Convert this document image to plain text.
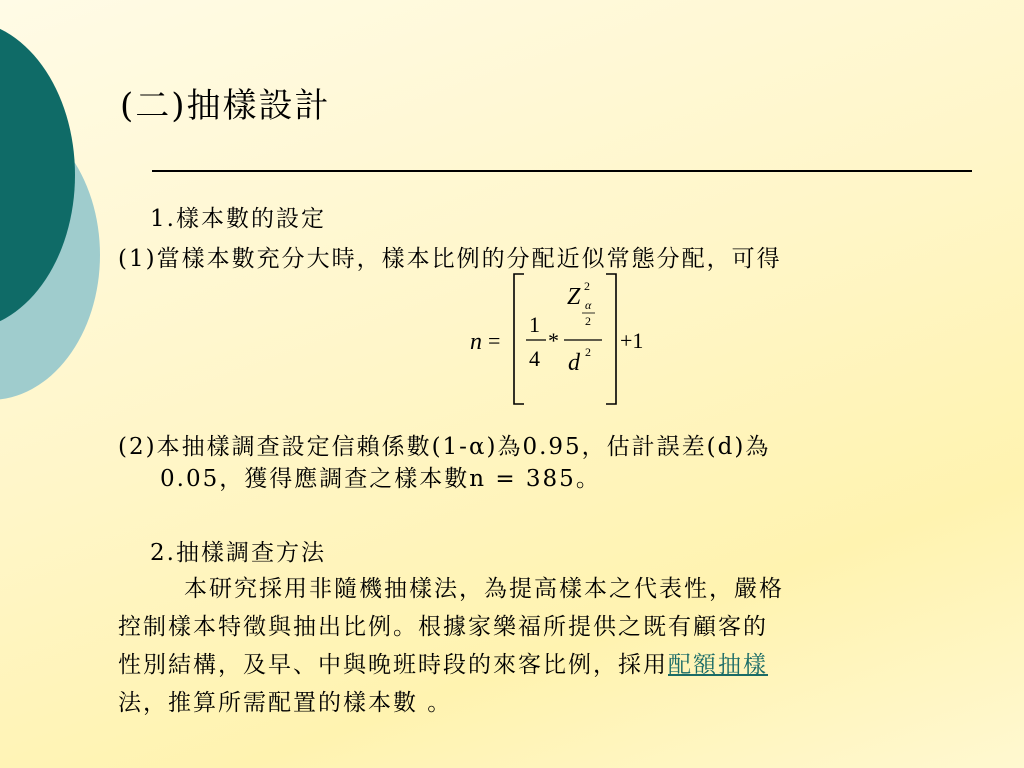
(二)抽樣設計
1.樣本數的設定
(1)當樣本數充分大時，樣本比例的分配近似常態分配，可得
n =
1
4
*
Z 2
α
2
d 2 +1
(2)本抽樣調查設定信賴係數(1-α)為0.95，估計誤差(d)為
0.05，獲得應調查之樣本數n = 385。
2.抽樣調查方法
本研究採用非隨機抽樣法，為提高樣本之代表性，嚴格
控制樣本特徵與抽出比例。根據家樂福所提供之既有顧客的
性別結構，及早、中與晚班時段的來客比例，採用配額抽樣
法，推算所需配置的樣本數 。
